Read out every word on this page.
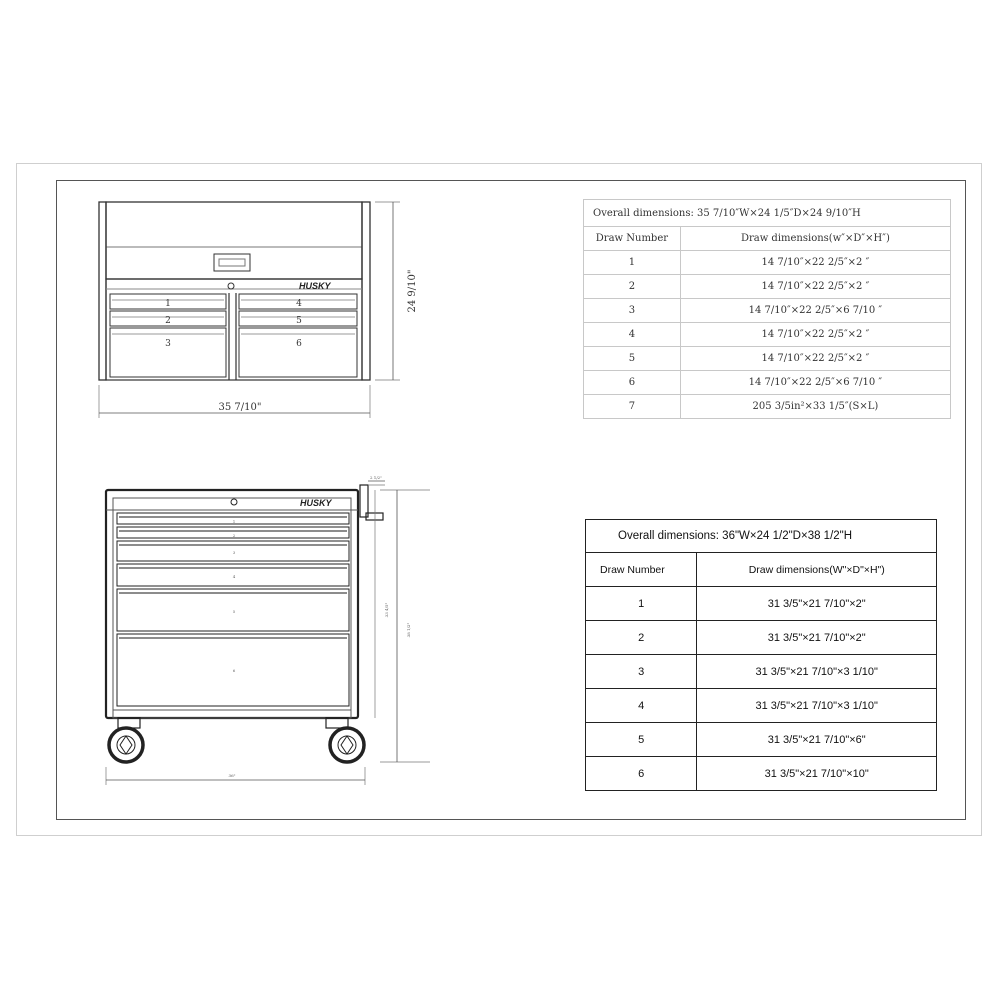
HUSKY
1
2
3
4
5
6
35 7/10"
24 9/10"
HUSKY
1
2
3
4
5
6
36"
38 1/2"
33 4/5"
2 1/2"
Overall dimensions: 35 7/10″W×24 1/5″D×24 9/10″H	
Draw Number	Draw dimensions(w″×D″×H″)
1	14 7/10″×22 2/5″×2 ″
2	14 7/10″×22 2/5″×2 ″
3	14 7/10″×22 2/5″×6 7/10 ″
4	14 7/10″×22 2/5″×2 ″
5	14 7/10″×22 2/5″×2 ″
6	14 7/10″×22 2/5″×6 7/10 ″
7	205 3/5in²×33 1/5″(S×L)
Overall dimensions: 36"W×24 1/2"D×38 1/2"H	
Draw Number	Draw dimensions(W"×D"×H")
1	31 3/5"×21 7/10"×2"
2	31 3/5"×21 7/10"×2"
3	31 3/5"×21 7/10"×3 1/10"
4	31 3/5"×21 7/10"×3 1/10"
5	31 3/5"×21 7/10"×6"
6	31 3/5"×21 7/10"×10"
